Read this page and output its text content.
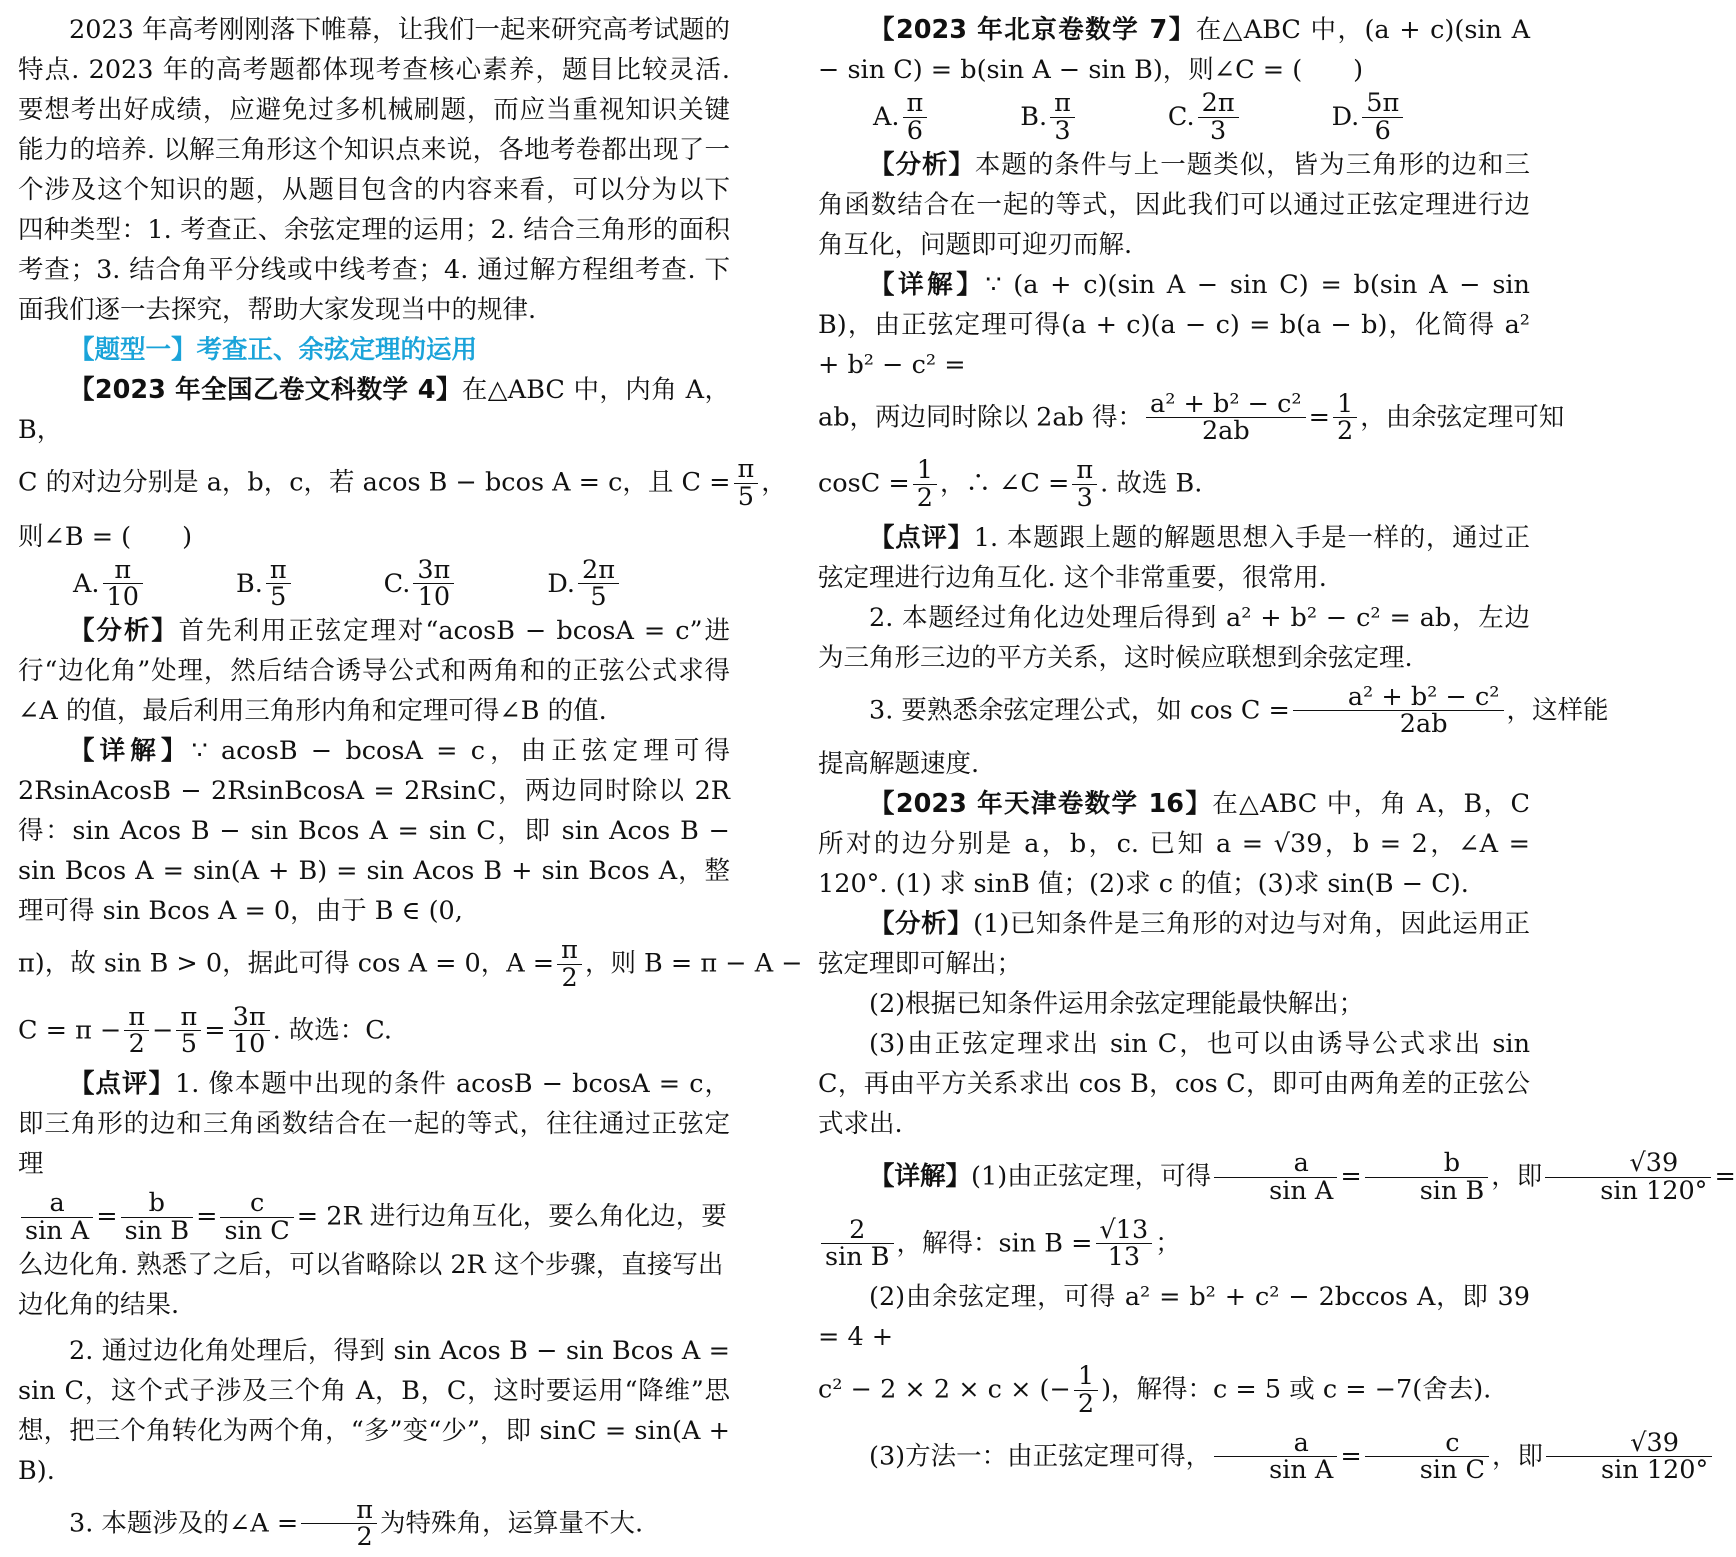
2023 年高考刚刚落下帷幕，让我们一起来研究高考试题的特点. 2023 年的高考题都体现考查核心素养，题目比较灵活. 要想考出好成绩，应避免过多机械刷题，而应当重视知识关键能力的培养. 以解三角形这个知识点来说，各地考卷都出现了一个涉及这个知识的题，从题目包含的内容来看，可以分为以下四种类型：1. 考查正、余弦定理的运用；2. 结合三角形的面积考查；3. 结合角平分线或中线考查；4. 通过解方程组考查. 下面我们逐一去探究，帮助大家发现当中的规律.

【题型一】考查正、余弦定理的运用

【2023 年全国乙卷文科数学 4】在△ABC 中，内角 A，B，

C 的对边分别是 a，b，c，若 acos B − bcos A = c，且 $C = \frac{\pi}{5}$ ，
则∠B = (　　)
A. $\frac{\pi}{10}$	B. $\frac{\pi}{5}$	C. $\frac{3\pi}{10}$	D. $\frac{2\pi}{5}$

【分析】首先利用正弦定理对“acosB − bcosA = c”进行“边化角”处理，然后结合诱导公式和两角和的正弦公式求得∠A 的值，最后利用三角形内角和定理可得∠B 的值.

【详解】∵ acosB − bcosA = c，由正弦定理可得 2RsinAcosB − 2RsinBcosA = 2RsinC，两边同时除以 2R 得：sin Acos B − sin Bcos A = sin C，即 sin Acos B − sin Bcos A = sin(A + B) = sin Acos B + sin Bcos A，整理可得 sin Bcos A = 0，由于 B ∈ (0,

π)，故 sin B > 0，据此可得 cos A = 0，$A = \frac{\pi}{2}$ ，则 B = π − A −
$C = \pi - \frac{\pi}{2} - \frac{\pi}{5} = \frac{3\pi}{10}$ . 故选：C.

【点评】1. 像本题中出现的条件 acosB − bcosA = c，即三角形的边和三角函数结合在一起的等式，往往通过正弦定理

$\frac{a}{\text{sin A}} = \frac{b}{\text{sin B}} = \frac{c}{\text{sin C}} = 2R$ 进行边角互化，要么角化边，要么边化角. 熟悉了之后，可以省略除以 2R 这个步骤，直接写出边化角的结果.

2. 通过边化角处理后，得到 sin Acos B − sin Bcos A = sin C，这个式子涉及三个角 A，B，C，这时要运用“降维”思想，把三个角转化为两个角，“多”变“少”，即 sinC = sin(A + B).

3. 本题涉及的∠A = $\frac{\pi}{2}$ 为特殊角，运算量不大.

【2023 年北京卷数学 7】在△ABC 中，(a + c)(sin A − sin C) = b(sin A − sin B)，则∠C = (　　)

A. $\frac{\pi}{6}$	B. $\frac{\pi}{3}$	C. $\frac{2\pi}{3}$	D. $\frac{5\pi}{6}$

【分析】本题的条件与上一题类似，皆为三角形的边和三角函数结合在一起的等式，因此我们可以通过正弦定理进行边角互化，问题即可迎刃而解.

【详解】∵ (a + c)(sin A − sin C) = b(sin A − sin B)，由正弦定理可得(a + c)(a − c) = b(a − b)，化简得 a² + b² − c² =

ab，两边同时除以 2ab 得： $\frac{\text{a² + b² − c²}}{2ab} = \frac{1}{2}$ ，由余弦定理可知
$\cos C = \frac{1}{2}$ ，∴ ∠C = $\frac{\pi}{3}$ . 故选 B.

【点评】1. 本题跟上题的解题思想入手是一样的，通过正弦定理进行边角互化. 这个非常重要，很常用.

2. 本题经过角化边处理后得到 a² + b² − c² = ab，左边为三角形三边的平方关系，这时候应联想到余弦定理.

3. 要熟悉余弦定理公式，如 $\cos C = \frac{\text{a² + b² − c²}}{2ab}$ ，这样能
提高解题速度.

【2023 年天津卷数学 16】在△ABC 中，角 A，B，C 所对的边分别是 a，b，c. 已知 a = √39，b = 2，∠A = 120°. (1) 求 sinB 值；(2)求 c 的值；(3)求 sin(B − C).

【分析】(1)已知条件是三角形的对边与对角，因此运用正弦定理即可解出；

(2)根据已知条件运用余弦定理能最快解出；

(3)由正弦定理求出 sin C，也可以由诱导公式求出 sin C，再由平方关系求出 cos B，cos C，即可由两角差的正弦公式求出.

【详解】(1)由正弦定理，可得 $\frac{a}{\text{sin A}} = \frac{b}{\text{sin B}}$ ，即 $\frac{√39}{\sin 120^\circ}$ =
$\frac{2}{\text{sin B}}$ ，解得：$\sin B = \frac{√13}{13}$ ；

(2)由余弦定理，可得 a² = b² + c² − 2bccos A，即 39 = 4 +

c² − 2 × 2 × c × (− $\frac{1}{2}$ )，解得：c = 5 或 c = −7(舍去).
(3)方法一：由正弦定理可得， $\frac{a}{\text{sin A}} = \frac{c}{\text{sin C}}$ ，即 $\frac{√39}{\sin 120^\circ}$
